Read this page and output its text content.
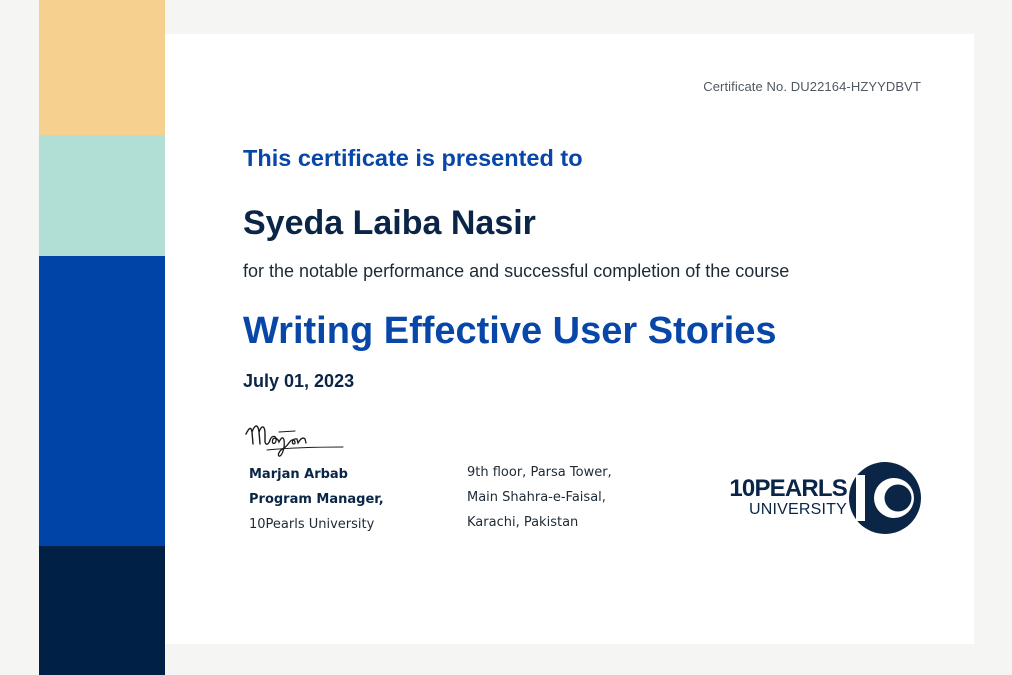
Certificate No. DU22164-HZYYDBVT
This certificate is presented to
Syeda Laiba Nasir
for the notable performance and successful completion of the course
Writing Effective User Stories
July 01, 2023
Marjan Arbab
Program Manager,
10Pearls University
9th floor, Parsa Tower,
Main Shahra-e-Faisal,
Karachi, Pakistan
10PEARLS
UNIVERSITY
